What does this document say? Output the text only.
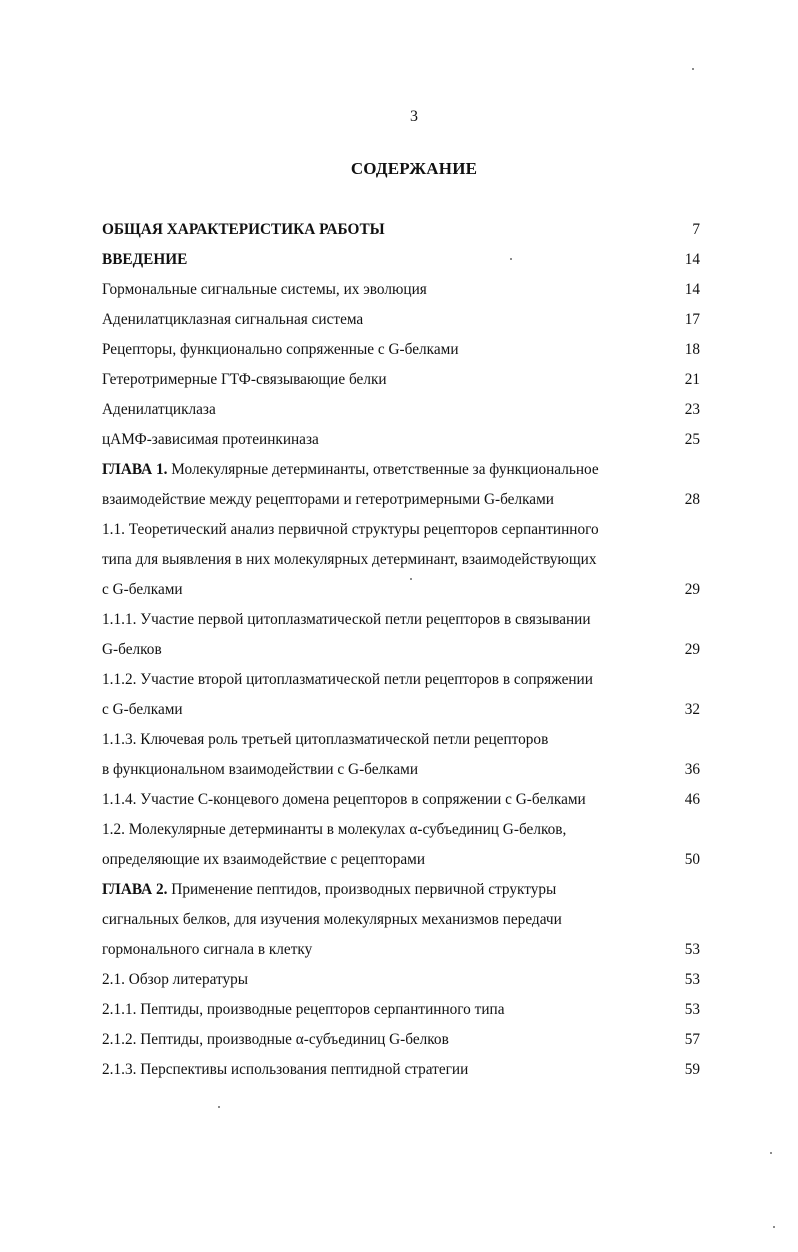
3
СОДЕРЖАНИЕ
ОБЩАЯ ХАРАКТЕРИСТИКА РАБОТЫ	7
ВВЕДЕНИЕ	14
Гормональные сигнальные системы, их эволюция	14
Аденилатциклазная сигнальная система	17
Рецепторы, функционально сопряженные с G-белками	18
Гетеротримерные ГТФ-связывающие белки	21
Аденилатциклаза	23
цАМФ-зависимая протеинкиназа	25
ГЛАВА 1. Молекулярные детерминанты, ответственные за функциональное
взаимодействие между рецепторами и гетеротримерными G-белками	28
1.1. Теоретический анализ первичной структуры рецепторов серпантинного
типа для выявления в них молекулярных детерминант, взаимодействующих
с G-белками	29
1.1.1. Участие первой цитоплазматической петли рецепторов в связывании
G-белков	29
1.1.2. Участие второй цитоплазматической петли рецепторов в сопряжении
с G-белками	32
1.1.3. Ключевая роль третьей цитоплазматической петли рецепторов
в функциональном взаимодействии с G-белками	36
1.1.4. Участие С-концевого домена рецепторов в сопряжении с G-белками	46
1.2. Молекулярные детерминанты в молекулах α-субъединиц G-белков,
определяющие их взаимодействие с рецепторами	50
ГЛАВА 2. Применение пептидов, производных первичной структуры
сигнальных белков, для изучения молекулярных механизмов передачи
гормонального сигнала в клетку	53
2.1. Обзор литературы	53
2.1.1. Пептиды, производные рецепторов серпантинного типа	53
2.1.2. Пептиды, производные α-субъединиц G-белков	57
2.1.3. Перспективы использования пептидной стратегии	59
